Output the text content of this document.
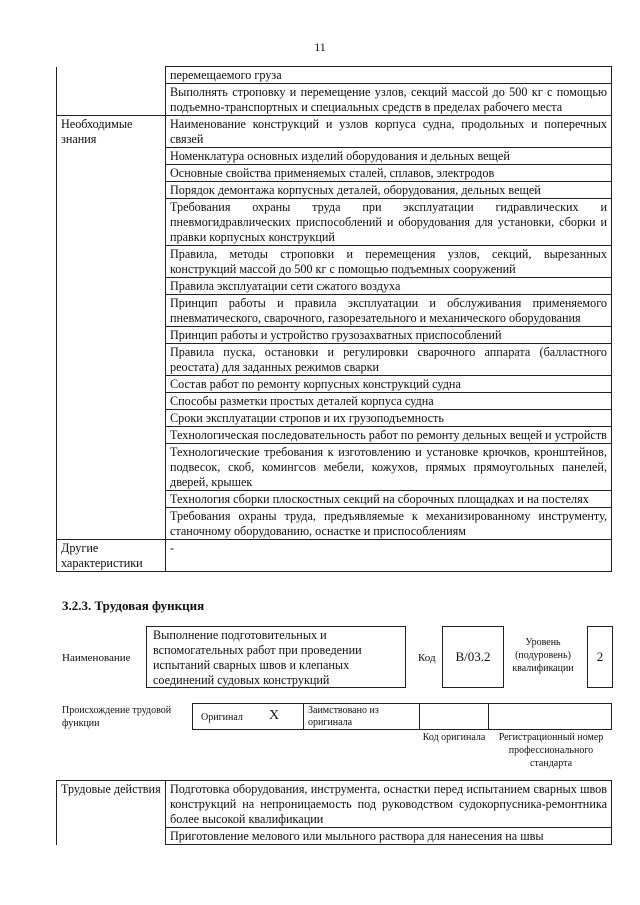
11
	перемещаемого груза
	Выполнять строповку и перемещение узлов, секций массой до 500 кг с помощью подъемно-транспортных и специальных средств в пределах рабочего места
Необходимые знания	Наименование конструкций и узлов корпуса судна, продольных и поперечных связей
	Номенклатура основных изделий оборудования и дельных вещей
	Основные свойства применяемых сталей, сплавов, электродов
	Порядок демонтажа корпусных деталей, оборудования, дельных вещей
	Требования охраны труда при эксплуатации гидравлических и пневмогидравлических приспособлений и оборудования для установки, сборки и правки корпусных конструкций
	Правила, методы строповки и перемещения узлов, секций, вырезанных конструкций массой до 500 кг с помощью подъемных сооружений
	Правила эксплуатации сети сжатого воздуха
	Принцип работы и правила эксплуатации и обслуживания применяемого пневматического, сварочного, газорезательного и механического оборудования
	Принцип работы и устройство грузозахватных приспособлений
	Правила пуска, остановки и регулировки сварочного аппарата (балластного реостата) для заданных режимов сварки
	Состав работ по ремонту корпусных конструкций судна
	Способы разметки простых деталей корпуса судна
	Сроки эксплуатации стропов и их грузоподъемность
	Технологическая последовательность работ по ремонту дельных вещей и устройств
	Технологические требования к изготовлению и установке крючков, кронштейнов, подвесок, скоб, комингсов мебели, кожухов, прямых прямоугольных панелей, дверей, крышек
	Технология сборки плоскостных секций на сборочных площадках и на постелях
	Требования охраны труда, предъявляемые к механизированному инструменту, станочному оборудованию, оснастке и приспособлениям
Другие характеристики	-
3.2.3. Трудовая функция
Наименование
Выполнение подготовительных и вспомогательных работ при проведении испытаний сварных швов и клепаных соединений судовых конструкций
Код	B/03.2
Уровень (подуровень) квалификации
2
Происхождение трудовой функции
Оригинал X	Заимствовано из оригинала
Код оригинала	Регистрационный номер профессионального стандарта
Трудовые действия	Подготовка оборудования, инструмента, оснастки перед испытанием сварных швов конструкций на непроницаемость под руководством судокорпусника-ремонтника более высокой квалификации
	Приготовление мелового или мыльного раствора для нанесения на швы
